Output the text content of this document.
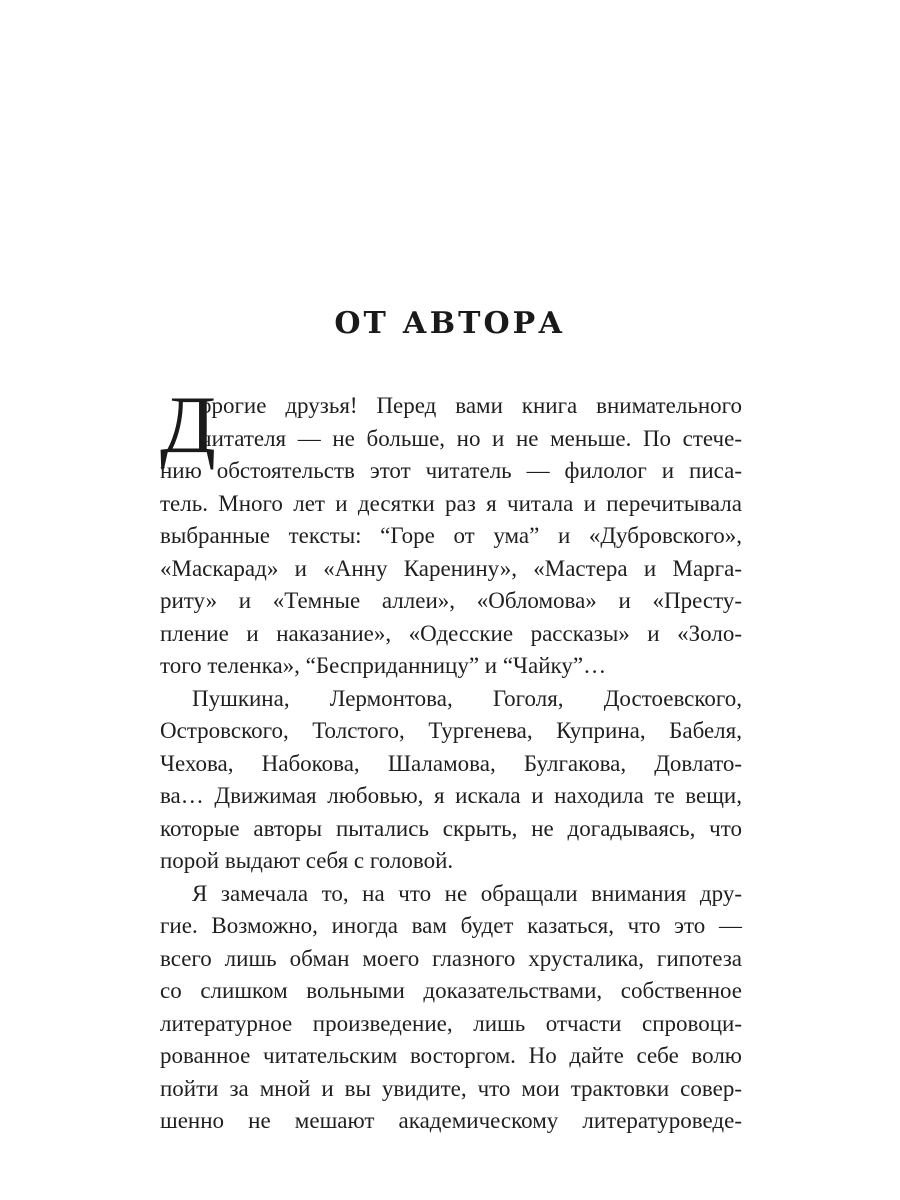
ОТ АВТОРА
Д
орогие друзья! Перед вами книга внимательного
читателя — не больше, но и не меньше. По стече-
нию обстоятельств этот читатель — филолог и писа-
тель. Много лет и десятки раз я читала и перечитывала
выбранные тексты: “Горе от ума” и «Дубровского»,
«Маскарад» и «Анну Каренину», «Мастера и Марга-
риту» и «Темные аллеи», «Обломова» и «Престу-
пление и наказание», «Одесские рассказы» и «Золо-
того теленка», “Бесприданницу” и “Чайку”…
Пушкина, Лермонтова, Гоголя, Достоевского,
Островского, Толстого, Тургенева, Куприна, Бабеля,
Чехова, Набокова, Шаламова, Булгакова, Довлато-
ва… Движимая любовью, я искала и находила те вещи,
которые авторы пытались скрыть, не догадываясь, что
порой выдают себя с головой.
Я замечала то, на что не обращали внимания дру-
гие. Возможно, иногда вам будет казаться, что это —
всего лишь обман моего глазного хрусталика, гипотеза
со слишком вольными доказательствами, собственное
литературное произведение, лишь отчасти спровоци-
рованное читательским восторгом. Но дайте себе волю
пойти за мной и вы увидите, что мои трактовки совер-
шенно не мешают академическому литературоведе-
